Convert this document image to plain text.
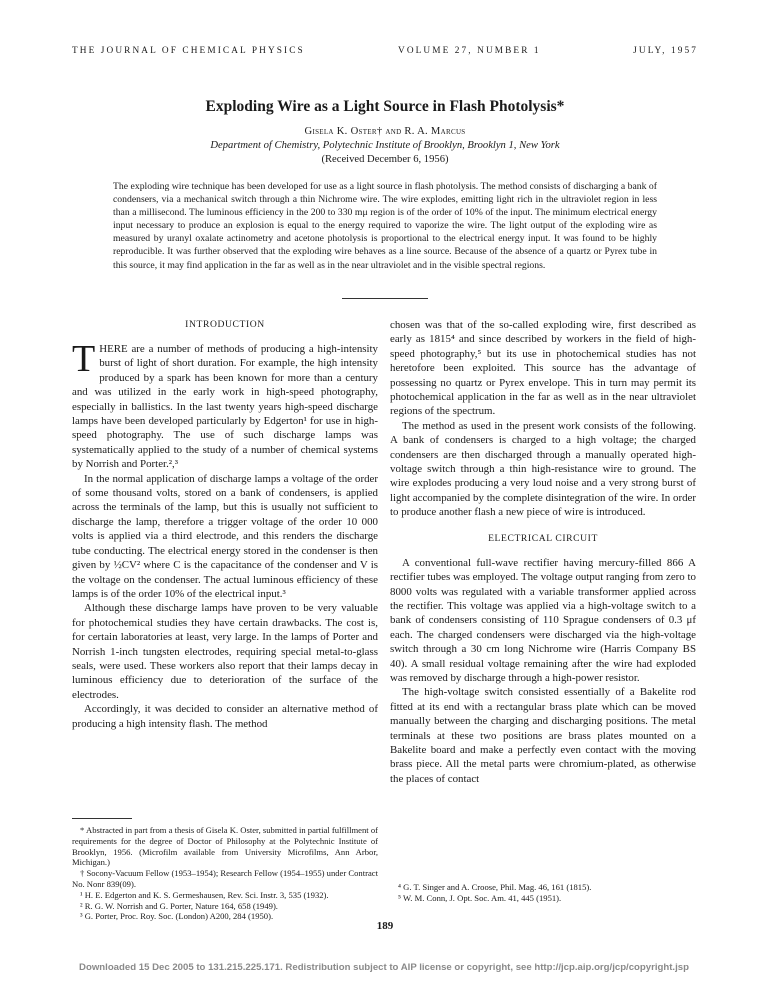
THE JOURNAL OF CHEMICAL PHYSICS	VOLUME 27, NUMBER 1	JULY, 1957
Exploding Wire as a Light Source in Flash Photolysis*
Gisela K. Oster† and R. A. Marcus
Department of Chemistry, Polytechnic Institute of Brooklyn, Brooklyn 1, New York
(Received December 6, 1956)
The exploding wire technique has been developed for use as a light source in flash photolysis. The method consists of discharging a bank of condensers, via a mechanical switch through a thin Nichrome wire. The wire explodes, emitting light rich in the ultraviolet region in less than a millisecond. The luminous efficiency in the 200 to 330 mμ region is of the order of 10% of the input. The minimum electrical energy input necessary to produce an explosion is equal to the energy required to vaporize the wire. The light output of the exploding wire as measured by uranyl oxalate actinometry and acetone photolysis is proportional to the electrical energy input. It was found to be highly reproducible. It was further observed that the exploding wire behaves as a line source. Because of the absence of a quartz or Pyrex tube in this source, it may find application in the far as well as in the near ultraviolet and in the visible spectral regions.
INTRODUCTION

THERE are a number of methods of producing a high-intensity burst of light of short duration. For example, the high intensity produced by a spark has been known for more than a century and was utilized in the early work in high-speed photography, especially in ballistics. In the last twenty years high-speed discharge lamps have been developed particularly by Edgerton¹ for use in high-speed photography. The use of such discharge lamps was systematically applied to the study of a number of chemical systems by Norrish and Porter.²,³

In the normal application of discharge lamps a voltage of the order of some thousand volts, stored on a bank of condensers, is applied across the terminals of the lamp, but this is usually not sufficient to discharge the lamp, therefore a trigger voltage of the order 10 000 volts is applied via a third electrode, and this renders the discharge tube conducting. The electrical energy stored in the condenser is then given by ½CV² where C is the capacitance of the condenser and V is the voltage on the condenser. The actual luminous efficiency of these lamps is of the order 10% of the electrical input.³

Although these discharge lamps have proven to be very valuable for photochemical studies they have certain drawbacks. The cost is, for certain laboratories at least, very large. In the lamps of Porter and Norrish 1-inch tungsten electrodes, requiring special metal-to-glass seals, were used. These workers also report that their lamps decay in luminous efficiency due to deterioration of the surface of the electrodes.

Accordingly, it was decided to consider an alternative method of producing a high intensity flash. The method

* Abstracted in part from a thesis of Gisela K. Oster, submitted in partial fulfillment of requirements for the degree of Doctor of Philosophy at the Polytechnic Institute of Brooklyn, 1956. (Microfilm available from University Microfilms, Ann Arbor, Michigan.)

† Socony-Vacuum Fellow (1953–1954); Research Fellow (1954–1955) under Contract No. Nonr 839(09).

¹ H. E. Edgerton and K. S. Germeshausen, Rev. Sci. Instr. 3, 535 (1932).

² R. G. W. Norrish and G. Porter, Nature 164, 658 (1949).

³ G. Porter, Proc. Roy. Soc. (London) A200, 284 (1950).

chosen was that of the so-called exploding wire, first described as early as 1815⁴ and since described by workers in the field of high-speed photography,⁵ but its use in photochemical studies has not heretofore been exploited. This source has the advantage of possessing no quartz or Pyrex envelope. This in turn may permit its photochemical application in the far as well as in the near ultraviolet regions of the spectrum.

The method as used in the present work consists of the following. A bank of condensers is charged to a high voltage; the charged condensers are then discharged through a manually operated high-voltage switch through a thin high-resistance wire to ground. The wire explodes producing a very loud noise and a very strong burst of light accompanied by the complete disintegration of the wire. In order to produce another flash a new piece of wire is introduced.

ELECTRICAL CIRCUIT

A conventional full-wave rectifier having mercury-filled 866 A rectifier tubes was employed. The voltage output ranging from zero to 8000 volts was regulated with a variable transformer applied across the rectifier. This voltage was applied via a high-voltage switch to a bank of condensers consisting of 110 Sprague condensers of 0.3 μf each. The charged condensers were discharged via the high-voltage switch through a 30 cm long Nichrome wire (Harris Company BS 40). A small residual voltage remaining after the wire had exploded was removed by discharge through a high-power resistor.

The high-voltage switch consisted essentially of a Bakelite rod fitted at its end with a rectangular brass plate which can be moved manually between the charging and discharging positions. The metal terminals at these two positions are brass plates mounted on a Bakelite board and make a perfectly even contact with the moving brass piece. All the metal parts were chromium-plated, as otherwise the places of contact

⁴ G. T. Singer and A. Croose, Phil. Mag. 46, 161 (1815).

⁵ W. M. Conn, J. Opt. Soc. Am. 41, 445 (1951).

189
Downloaded 15 Dec 2005 to 131.215.225.171. Redistribution subject to AIP license or copyright, see http://jcp.aip.org/jcp/copyright.jsp
